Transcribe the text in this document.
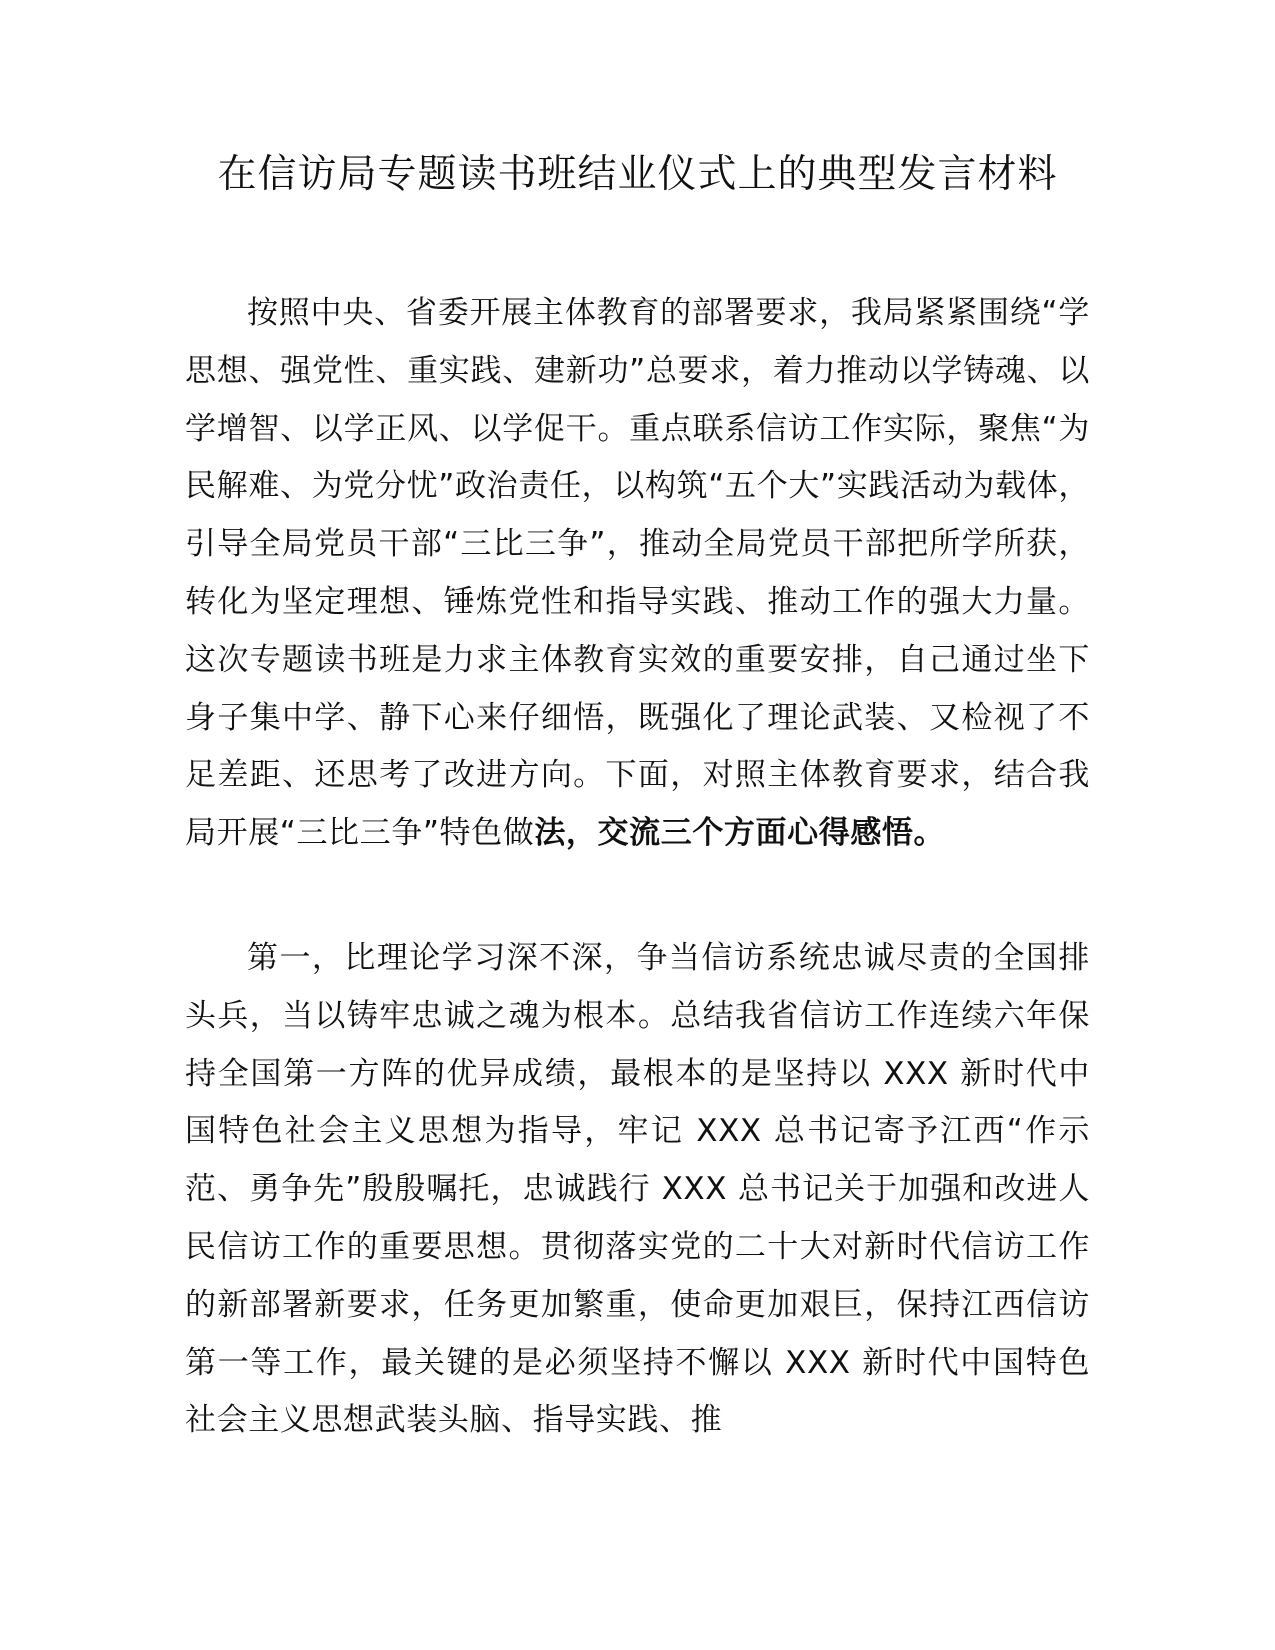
在信访局专题读书班结业仪式上的典型发言材料

按照中央、省委开展主体教育的部署要求，我局紧紧围绕“学思想、强党性、重实践、建新功”总要求，着力推动以学铸魂、以学增智、以学正风、以学促干。重点联系信访工作实际，聚焦“为民解难、为党分忧”政治责任，以构筑“五个大”实践活动为载体，引导全局党员干部“三比三争”，推动全局党员干部把所学所获，转化为坚定理想、锤炼党性和指导实践、推动工作的强大力量。这次专题读书班是力求主体教育实效的重要安排，自己通过坐下身子集中学、静下心来仔细悟，既强化了理论武装、又检视了不足差距、还思考了改进方向。下面，对照主体教育要求，结合我局开展“三比三争”特色做法，交流三个方面心得感悟。

第一，比理论学习深不深，争当信访系统忠诚尽责的全国排头兵，当以铸牢忠诚之魂为根本。总结我省信访工作连续六年保持全国第一方阵的优异成绩，最根本的是坚持以 XXX 新时代中国特色社会主义思想为指导，牢记 XXX 总书记寄予江西“作示范、勇争先”殷殷嘱托，忠诚践行 XXX 总书记关于加强和改进人民信访工作的重要思想。贯彻落实党的二十大对新时代信访工作的新部署新要求，任务更加繁重，使命更加艰巨，保持江西信访第一等工作，最关键的是必须坚持不懈以 XXX 新时代中国特色社会主义思想武装头脑、指导实践、推
